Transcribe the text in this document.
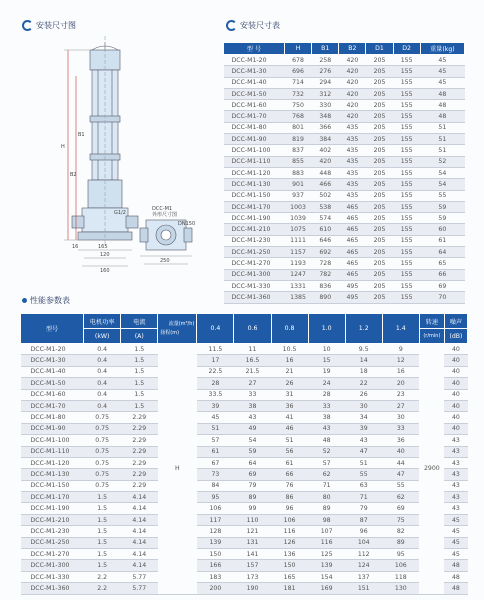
安装尺寸图	安装尺寸表
H
B2
B1
G1/2
16	165
120
160
250
DN150
DCC-M1
外形尺寸图
型 号	H	B1	B2	D1	D2	重量(kg)
DCC-M1-20	678	258	420	205	155	45
DCC-M1-30	696	276	420	205	155	45
DCC-M1-40	714	294	420	205	155	45
DCC-M1-50	732	312	420	205	155	48
DCC-M1-60	750	330	420	205	155	48
DCC-M1-70	768	348	420	205	155	48
DCC-M1-80	801	366	435	205	155	51
DCC-M1-90	819	384	435	205	155	51
DCC-M1-100	837	402	435	205	155	51
DCC-M1-110	855	420	435	205	155	52
DCC-M1-120	883	448	435	205	155	54
DCC-M1-130	901	466	435	205	155	54
DCC-M1-150	937	502	435	205	155	55
DCC-M1-170	1003	538	465	205	155	59
DCC-M1-190	1039	574	465	205	155	59
DCC-M1-210	1075	610	465	205	155	60
DCC-M1-230	1111	646	465	205	155	61
DCC-M1-250	1157	692	465	205	155	64
DCC-M1-270	1193	728	465	205	155	65
DCC-M1-300	1247	782	465	205	155	66
DCC-M1-330	1331	836	495	205	155	69
DCC-M1-360	1385	890	495	205	155	70
性能参数表
型号	电机功率	电流	流量(m³/h)
扬程(m)	0.4	0.6	0.8	1.0	1.2	1.4	转速	噪声
	(kW)	(A)								(r/min)	(dB)
DCC-M1-20	0.4	1.5	H	11.5	11	10.5	10	9.5	9	2900	40
DCC-M1-30	0.4	1.5		17	16.5	16	15	14	12		40
DCC-M1-40	0.4	1.5		22.5	21.5	21	19	18	16		40
DCC-M1-50	0.4	1.5		28	27	26	24	22	20		40
DCC-M1-60	0.4	1.5		33.5	33	31	28	26	23		40
DCC-M1-70	0.4	1.5		39	38	36	33	30	27		40
DCC-M1-80	0.75	2.29		45	43	41	38	34	30		40
DCC-M1-90	0.75	2.29		51	49	46	43	39	33		40
DCC-M1-100	0.75	2.29		57	54	51	48	43	36		43
DCC-M1-110	0.75	2.29		61	59	56	52	47	40		43
DCC-M1-120	0.75	2.29		67	64	61	57	51	44		43
DCC-M1-130	0.75	2.29		73	69	66	62	55	47		43
DCC-M1-150	0.75	2.29		84	79	76	71	63	55		43
DCC-M1-170	1.5	4.14		95	89	86	80	71	62		43
DCC-M1-190	1.5	4.14		106	99	96	89	79	69		43
DCC-M1-210	1.5	4.14		117	110	106	98	87	75		45
DCC-M1-230	1.5	4.14		128	121	116	107	96	82		45
DCC-M1-250	1.5	4.14		139	131	126	116	104	89		45
DCC-M1-270	1.5	4.14		150	141	136	125	112	95		45
DCC-M1-300	1.5	4.14		166	157	150	139	124	106		48
DCC-M1-330	2.2	5.77		183	173	165	154	137	118		48
DCC-M1-360	2.2	5.77		200	190	181	169	151	130		48
